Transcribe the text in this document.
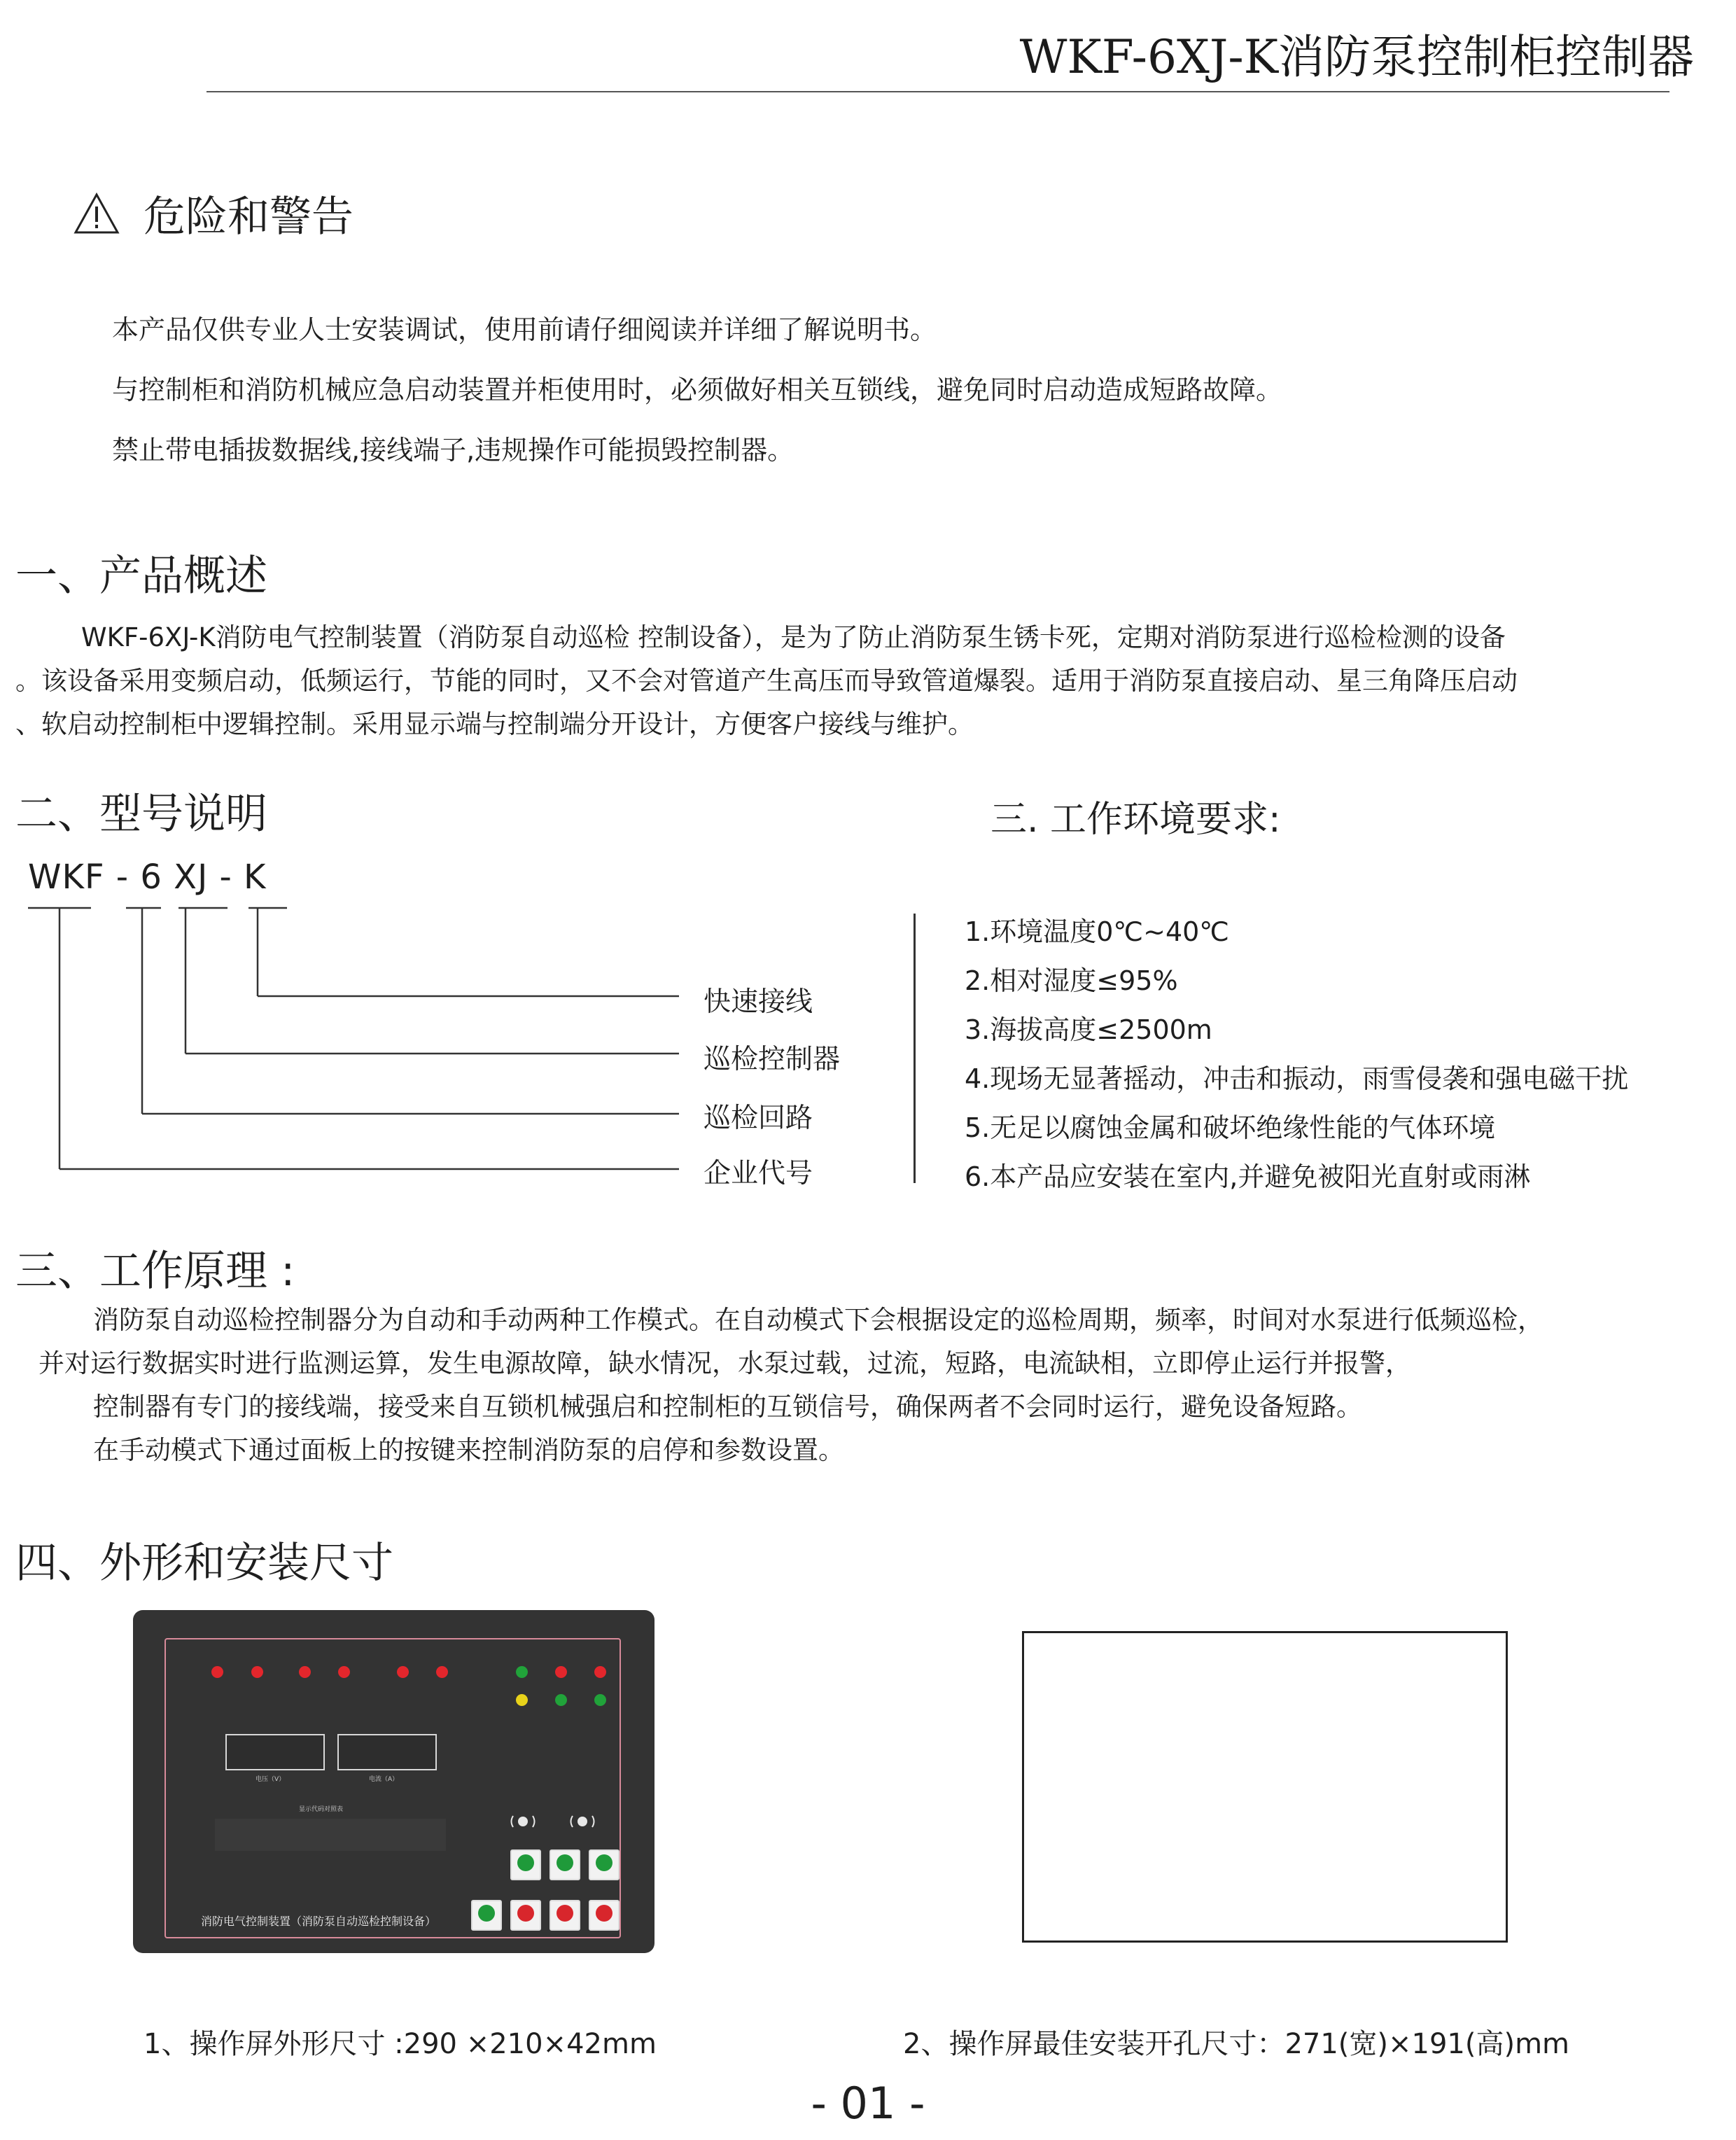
WKF-6XJ-K消防泵控制柜控制器
危险和警告
本产品仅供专业人士安装调试，使用前请仔细阅读并详细了解说明书。
与控制柜和消防机械应急启动装置并柜使用时，必须做好相关互锁线，避免同时启动造成短路故障。
禁止带电插拔数据线,接线端子,违规操作可能损毁控制器。
一、产品概述
WKF-6XJ-K消防电气控制装置（消防泵自动巡检 控制设备），是为了防止消防泵生锈卡死，定期对消防泵进行巡检检测的设备
。该设备采用变频启动，低频运行，节能的同时，又不会对管道产生高压而导致管道爆裂。适用于消防泵直接启动、星三角降压启动
、软启动控制柜中逻辑控制。采用显示端与控制端分开设计，方便客户接线与维护。
二、型号说明
WKF - 6 XJ - K
快速接线
巡检控制器
巡检回路
企业代号
三. 工作环境要求:
1.环境温度0℃~40℃
2.相对湿度≤95%
3.海拔高度≤2500m
4.现场无显著摇动，冲击和振动，雨雪侵袭和强电磁干扰
5.无足以腐蚀金属和破坏绝缘性能的气体环境
6.本产品应安装在室内,并避免被阳光直射或雨淋
三、工作原理 :
消防泵自动巡检控制器分为自动和手动两种工作模式。在自动模式下会根据设定的巡检周期，频率，时间对水泵进行低频巡检，
并对运行数据实时进行监测运算，发生电源故障，缺水情况，水泵过载，过流，短路，电流缺相，立即停止运行并报警，
控制器有专门的接线端，接受来自互锁机械强启和控制柜的互锁信号，确保两者不会同时运行，避免设备短路。
在手动模式下通过面板上的按键来控制消防泵的启停和参数设置。
四、外形和安装尺寸
电压（V）	电流（A）
显示代码对照表
消防电气控制装置（消防泵自动巡检控制设备）
1、操作屏外形尺寸 :290 ×210×42mm	2、操作屏最佳安装开孔尺寸：271(宽)×191(高)mm
- 01 -
